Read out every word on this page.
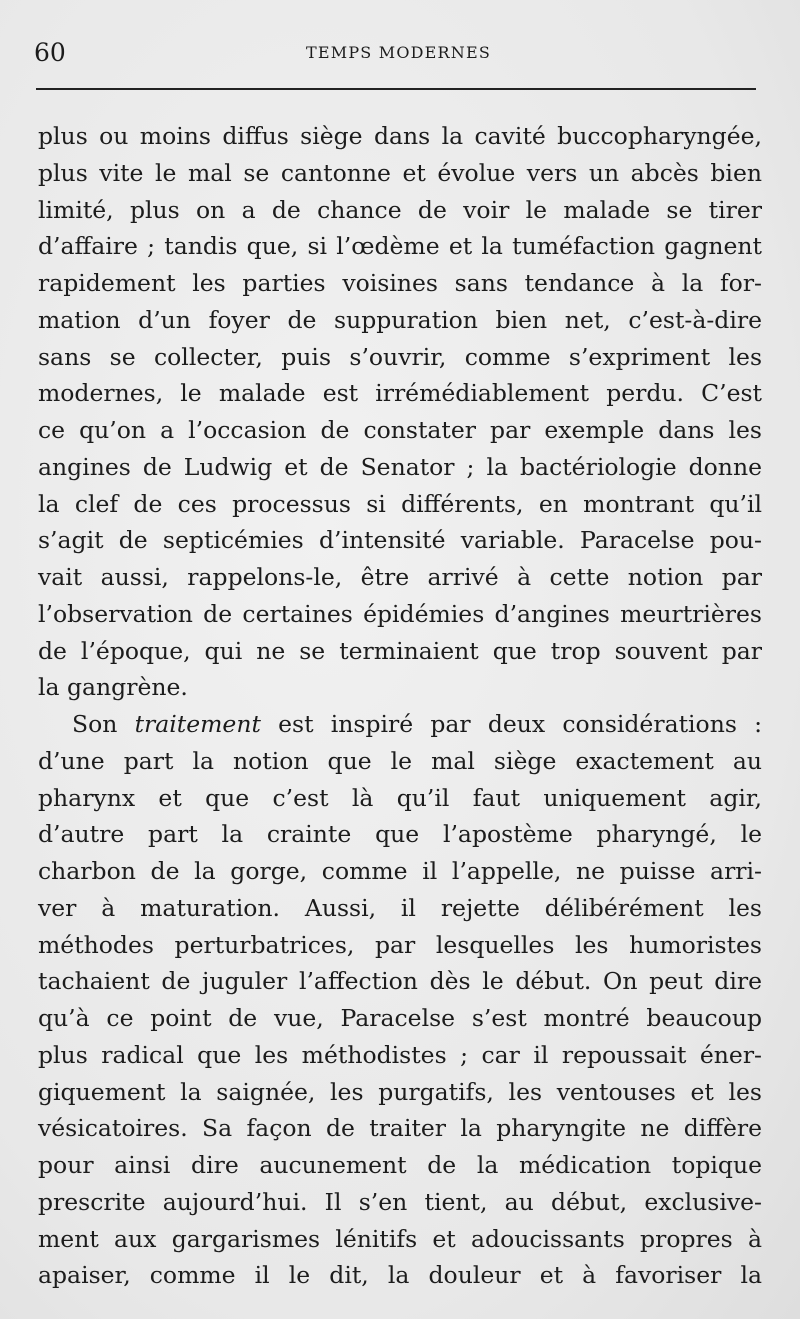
60	TEMPS MODERNES
plus ou moins diffus siège dans la cavité buccopharyngée,
plus vite le mal se cantonne et évolue vers un abcès bien
limité, plus on a de chance de voir le malade se tirer
d’affaire ; tandis que, si l’œdème et la tuméfaction gagnent
rapidement les parties voisines sans tendance à la for-
mation d’un foyer de suppuration bien net, c’est-à-dire
sans se collecter, puis s’ouvrir, comme s’expriment les
modernes, le malade est irrémédiablement perdu. C’est
ce qu’on a l’occasion de constater par exemple dans les
angines de Ludwig et de Senator ; la bactériologie donne
la clef de ces processus si différents, en montrant qu’il
s’agit de septicémies d’intensité variable. Paracelse pou-
vait aussi, rappelons-le, être arrivé à cette notion par
l’observation de certaines épidémies d’angines meurtrières
de l’époque, qui ne se terminaient que trop souvent par
la gangrène.
Son traitement est inspiré par deux considérations :
d’une part la notion que le mal siège exactement au
pharynx et que c’est là qu’il faut uniquement agir,
d’autre part la crainte que l’apostème pharyngé, le
charbon de la gorge, comme il l’appelle, ne puisse arri-
ver à maturation. Aussi, il rejette délibérément les
méthodes perturbatrices, par lesquelles les humoristes
tachaient de juguler l’affection dès le début. On peut dire
qu’à ce point de vue, Paracelse s’est montré beaucoup
plus radical que les méthodistes ; car il repoussait éner-
giquement la saignée, les purgatifs, les ventouses et les
vésicatoires. Sa façon de traiter la pharyngite ne diffère
pour ainsi dire aucunement de la médication topique
prescrite aujourd’hui. Il s’en tient, au début, exclusive-
ment aux gargarismes lénitifs et adoucissants propres à
apaiser, comme il le dit, la douleur et à favoriser la
